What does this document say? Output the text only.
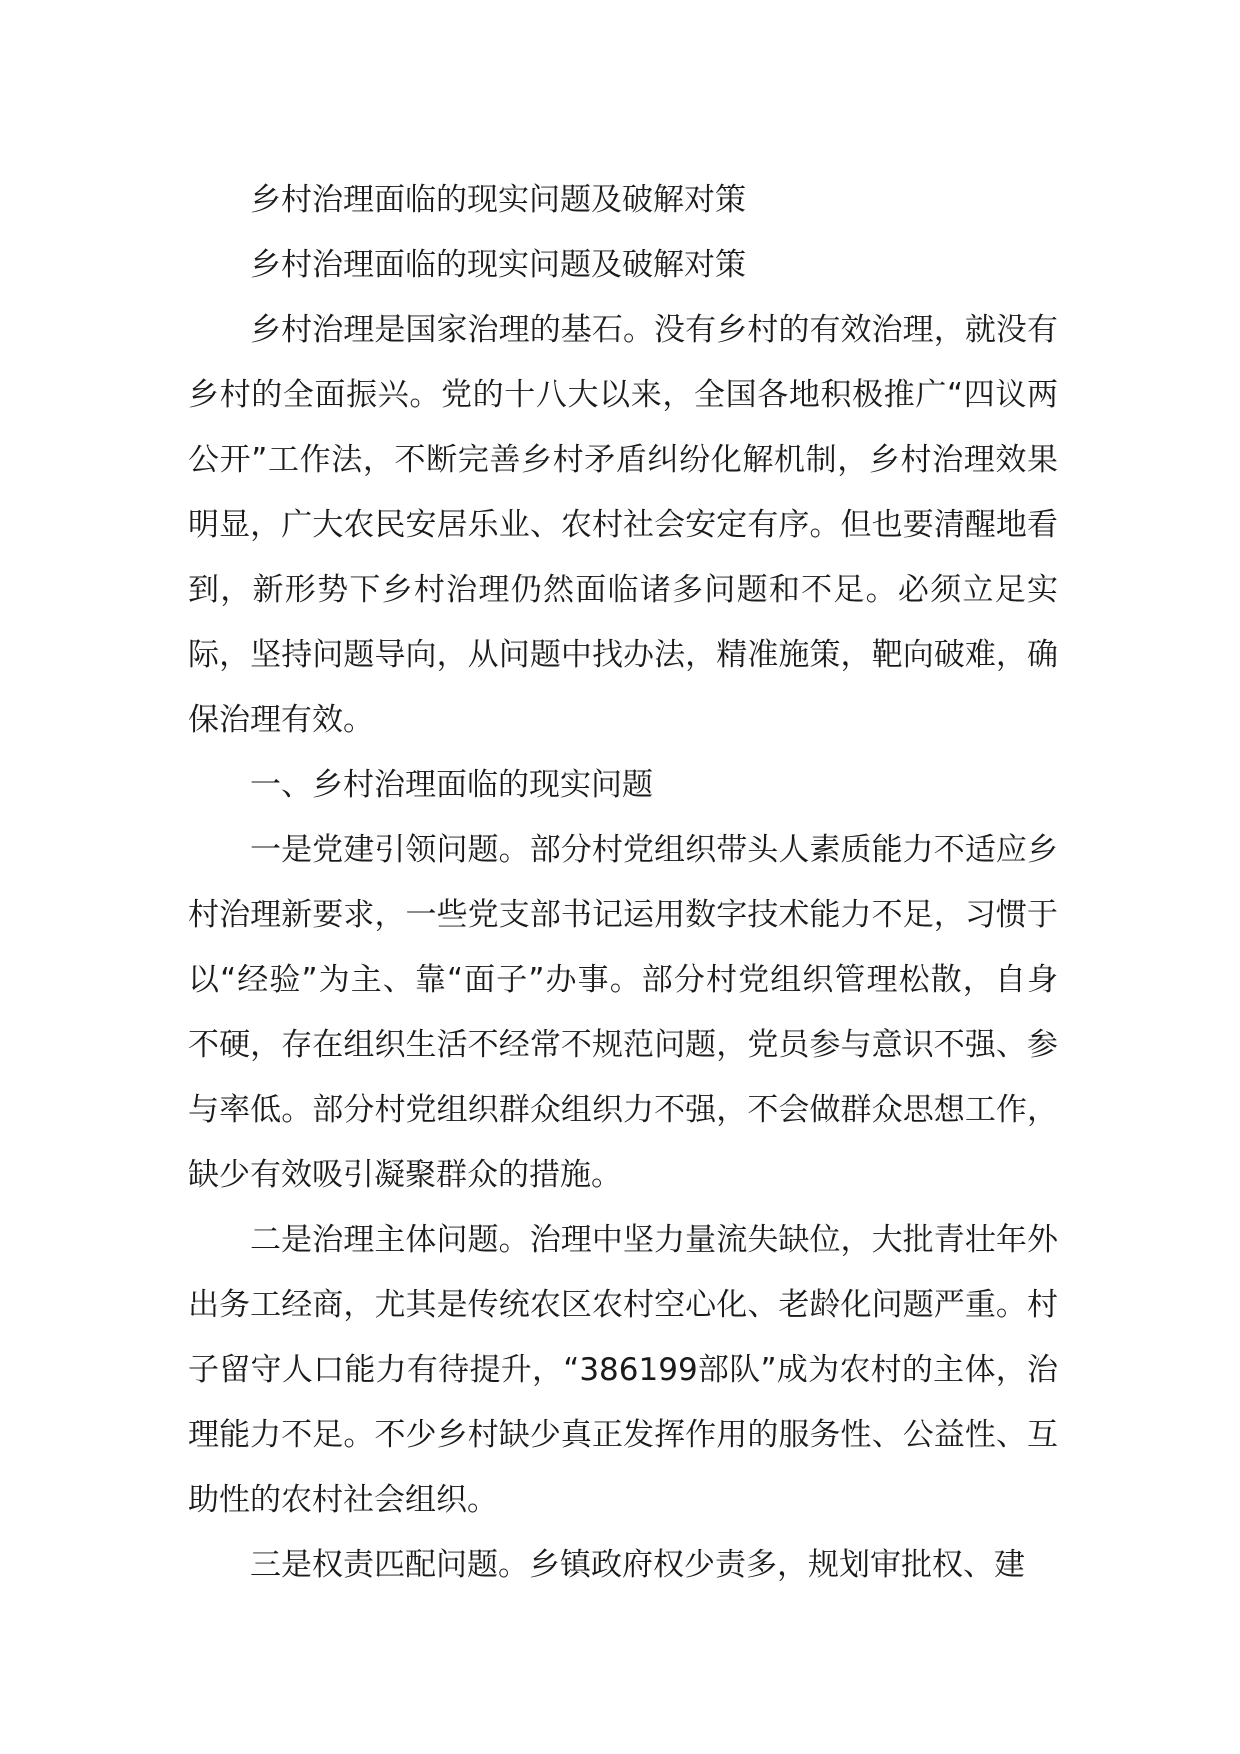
乡村治理面临的现实问题及破解对策

乡村治理面临的现实问题及破解对策

乡村治理是国家治理的基石。没有乡村的有效治理，就没有乡村的全面振兴。党的十八大以来，全国各地积极推广“四议两公开”工作法，不断完善乡村矛盾纠纷化解机制，乡村治理效果明显，广大农民安居乐业、农村社会安定有序。但也要清醒地看到，新形势下乡村治理仍然面临诸多问题和不足。必须立足实际，坚持问题导向，从问题中找办法，精准施策，靶向破难，确保治理有效。

一、乡村治理面临的现实问题

一是党建引领问题。部分村党组织带头人素质能力不适应乡村治理新要求，一些党支部书记运用数字技术能力不足，习惯于以“经验”为主、靠“面子”办事。部分村党组织管理松散，自身不硬，存在组织生活不经常不规范问题，党员参与意识不强、参与率低。部分村党组织群众组织力不强，不会做群众思想工作，缺少有效吸引凝聚群众的措施。

二是治理主体问题。治理中坚力量流失缺位，大批青壮年外出务工经商，尤其是传统农区农村空心化、老龄化问题严重。村子留守人口能力有待提升，“386199部队”成为农村的主体，治理能力不足。不少乡村缺少真正发挥作用的服务性、公益性、互助性的农村社会组织。

三是权责匹配问题。乡镇政府权少责多，规划审批权、建
